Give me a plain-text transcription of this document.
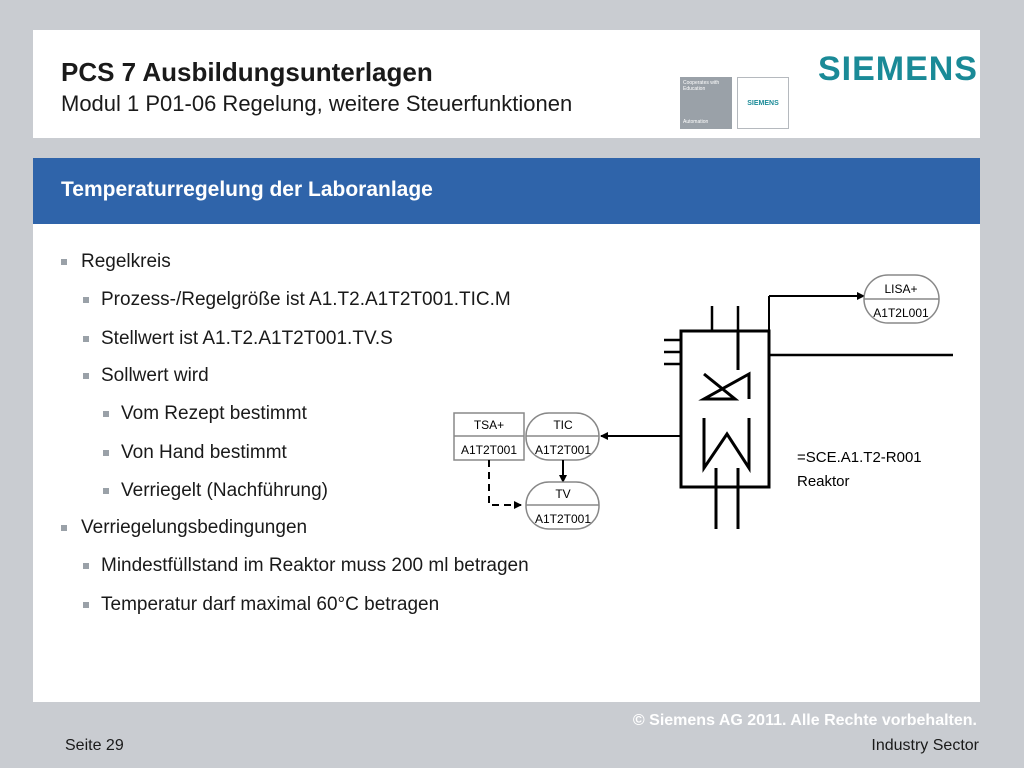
PCS 7 Ausbildungsunterlagen
Modul 1 P01-06 Regelung, weitere Steuerfunktionen
Cooperates with Education
Automation
SIEMENS
SIEMENS
Temperaturregelung der Laboranlage
Regelkreis
Prozess-/Regelgröße ist A1.T2.A1T2T001.TIC.M
Stellwert ist A1.T2.A1T2T001.TV.S
Sollwert wird
Vom Rezept bestimmt
Von Hand bestimmt
Verriegelt (Nachführung)
Verriegelungsbedingungen
Mindestfüllstand im Reaktor muss 200 ml betragen
Temperatur darf maximal 60°C betragen
LISA+
A1T2L001
TSA+
A1T2T001
TIC
A1T2T001
TV
A1T2T001
=SCE.A1.T2-R001
Reaktor
© Siemens AG 2011. Alle Rechte vorbehalten.
Seite 29	Industry Sector
